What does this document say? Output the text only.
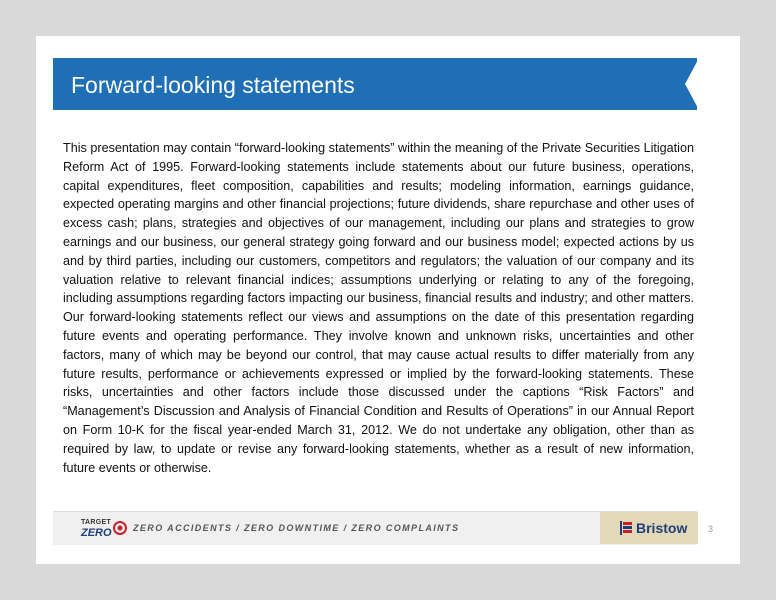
Forward-looking statements

This presentation may contain “forward-looking statements” within the meaning of the Private Securities Litigation Reform Act of 1995. Forward-looking statements include statements about our future business, operations, capital expenditures, fleet composition, capabilities and results; modeling information, earnings guidance, expected operating margins and other financial projections; future dividends, share repurchase and other uses of excess cash; plans, strategies and objectives of our management, including our plans and strategies to grow earnings and our business, our general strategy going forward and our business model; expected actions by us and by third parties, including our customers, competitors and regulators; the valuation of our company and its valuation relative to relevant financial indices; assumptions underlying or relating to any of the foregoing, including assumptions regarding factors impacting our business, financial results and industry; and other matters. Our forward-looking statements reflect our views and assumptions on the date of this presentation regarding future events and operating performance. They involve known and unknown risks, uncertainties and other factors, many of which may be beyond our control, that may cause actual results to differ materially from any future results, performance or achievements expressed or implied by the forward-looking statements. These risks, uncertainties and other factors include those discussed under the captions “Risk Factors” and “Management’s Discussion and Analysis of Financial Condition and Results of Operations” in our Annual Report on Form 10-K for the fiscal year-ended March 31, 2012. We do not undertake any obligation, other than as required by law, to update or revise any forward-looking statements, whether as a result of new information, future events or otherwise.

TARGET
ZERO ZERO ACCIDENTS / ZERO DOWNTIME / ZERO COMPLAINTS	Bristow 3
